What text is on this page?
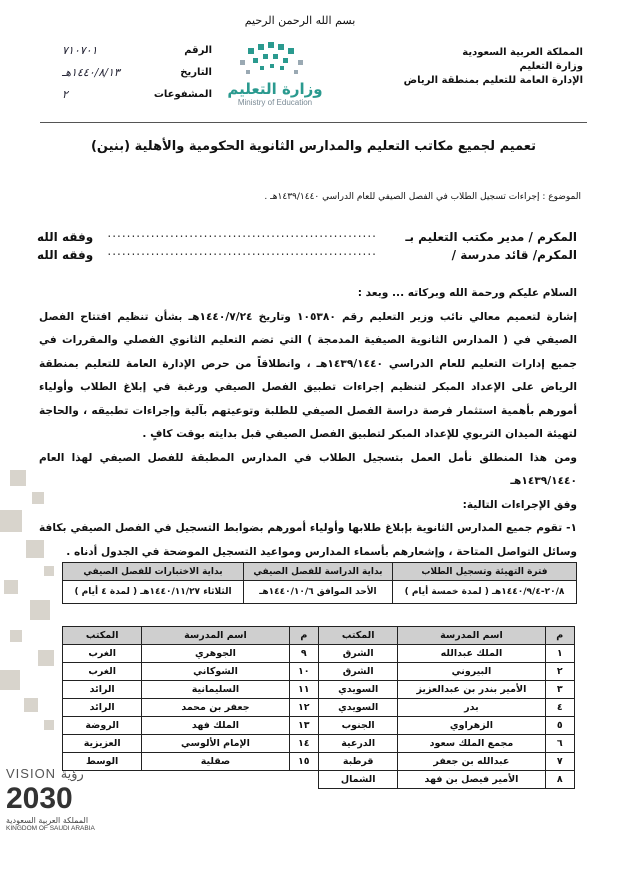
بسم الله الرحمن الرحيم
المملكة العربية السعودية
وزارة التعليم
الإدارة العامة للتعليم بمنطقة الرياض
وزارة التعليم
Ministry of Education
الرقم
٧١٠٧٠١
التاريخ
١٤٤٠/٨/١٣هـ
المشفوعات
٢
تعميم لجميع مكاتب التعليم والمدارس الثانوية الحكومية والأهلية (بنين)
الموضوع : إجراءات تسجيل الطلاب في الفصل الصيفي للعام الدراسي ١٤٣٩/١٤٤٠هـ .
المكرم / مدير مكتب التعليم بـ
........................................................
وفقه الله
المكرم/ قائد مدرسة /
........................................................
وفقه الله

السلام عليكم ورحمة الله وبركاته ... وبعد :

إشارة لتعميم معالي نائب وزير التعليم رقم ١٠٥٣٨٠ وتاريخ ١٤٤٠/٧/٢٤هـ بشأن تنظيم افتتاح الفصل الصيفي في ( المدارس الثانوية الصيفية المدمجة ) التي تضم التعليم الثانوي الفصلي والمقررات في جميع إدارات التعليم للعام الدراسي ١٤٣٩/١٤٤٠هـ ، وانطلاقاً من حرص الإدارة العامة للتعليم بمنطقة الرياض على الإعداد المبكر لتنظيم إجراءات تطبيق الفصل الصيفي ورغبة في إبلاغ الطلاب وأولياء أمورهم بأهمية استثمار فرصة دراسة الفصل الصيفي للطلبة وتوعيتهم بآلية وإجراءات تطبيقه ، والحاجة لتهيئة الميدان التربوي للإعداد المبكر لتطبيق الفصل الصيفي قبل بدايته بوقت كافٍ .

ومن هذا المنطلق نأمل العمل بتسجيل الطلاب في المدارس المطبقة للفصل الصيفي لهذا العام ١٤٣٩/١٤٤٠هـ

وفق الإجراءات التالية:

١- تقوم جميع المدارس الثانوية بإبلاغ طلابها وأولياء أمورهم بضوابط التسجيل في الفصل الصيفي بكافة وسائل التواصل المتاحة ، وإشعارهم بأسماء المدارس ومواعيد التسجيل الموضحة في الجدول أدناه .

فترة التهيئة وتسجيل الطلاب	بداية الدراسة للفصل الصيفي	بداية الاختبارات للفصل الصيفي
٢٠/٨-١٤٤٠/٩/٤هـ ( لمدة خمسة أيام )	الأحد الموافق ١٤٤٠/١٠/٦هـ	الثلاثاء ١٤٤٠/١١/٢٧هـ ( لمدة ٤ أيام )
م	اسم المدرسة	المكتب	م	اسم المدرسة	المكتب
١	الملك عبدالله	الشرق	٩	الجوهري	الغرب
٢	البيروني	الشرق	١٠	الشوكاني	الغرب
٣	الأمير بندر بن عبدالعزيز	السويدي	١١	السليمانية	الرائد
٤	بدر	السويدي	١٢	جعفر بن محمد	الرائد
٥	الزهراوي	الجنوب	١٣	الملك فهد	الروضة
٦	مجمع الملك سعود	الدرعية	١٤	الإمام الألوسي	العزيزية
٧	عبدالله بن جعفر	قرطبة	١٥	صقلية	الوسط
٨	الأمير فيصل بن فهد	الشمال			
VISION رؤية
2030
المملكة العربية السعودية
KINGDOM OF SAUDI ARABIA
